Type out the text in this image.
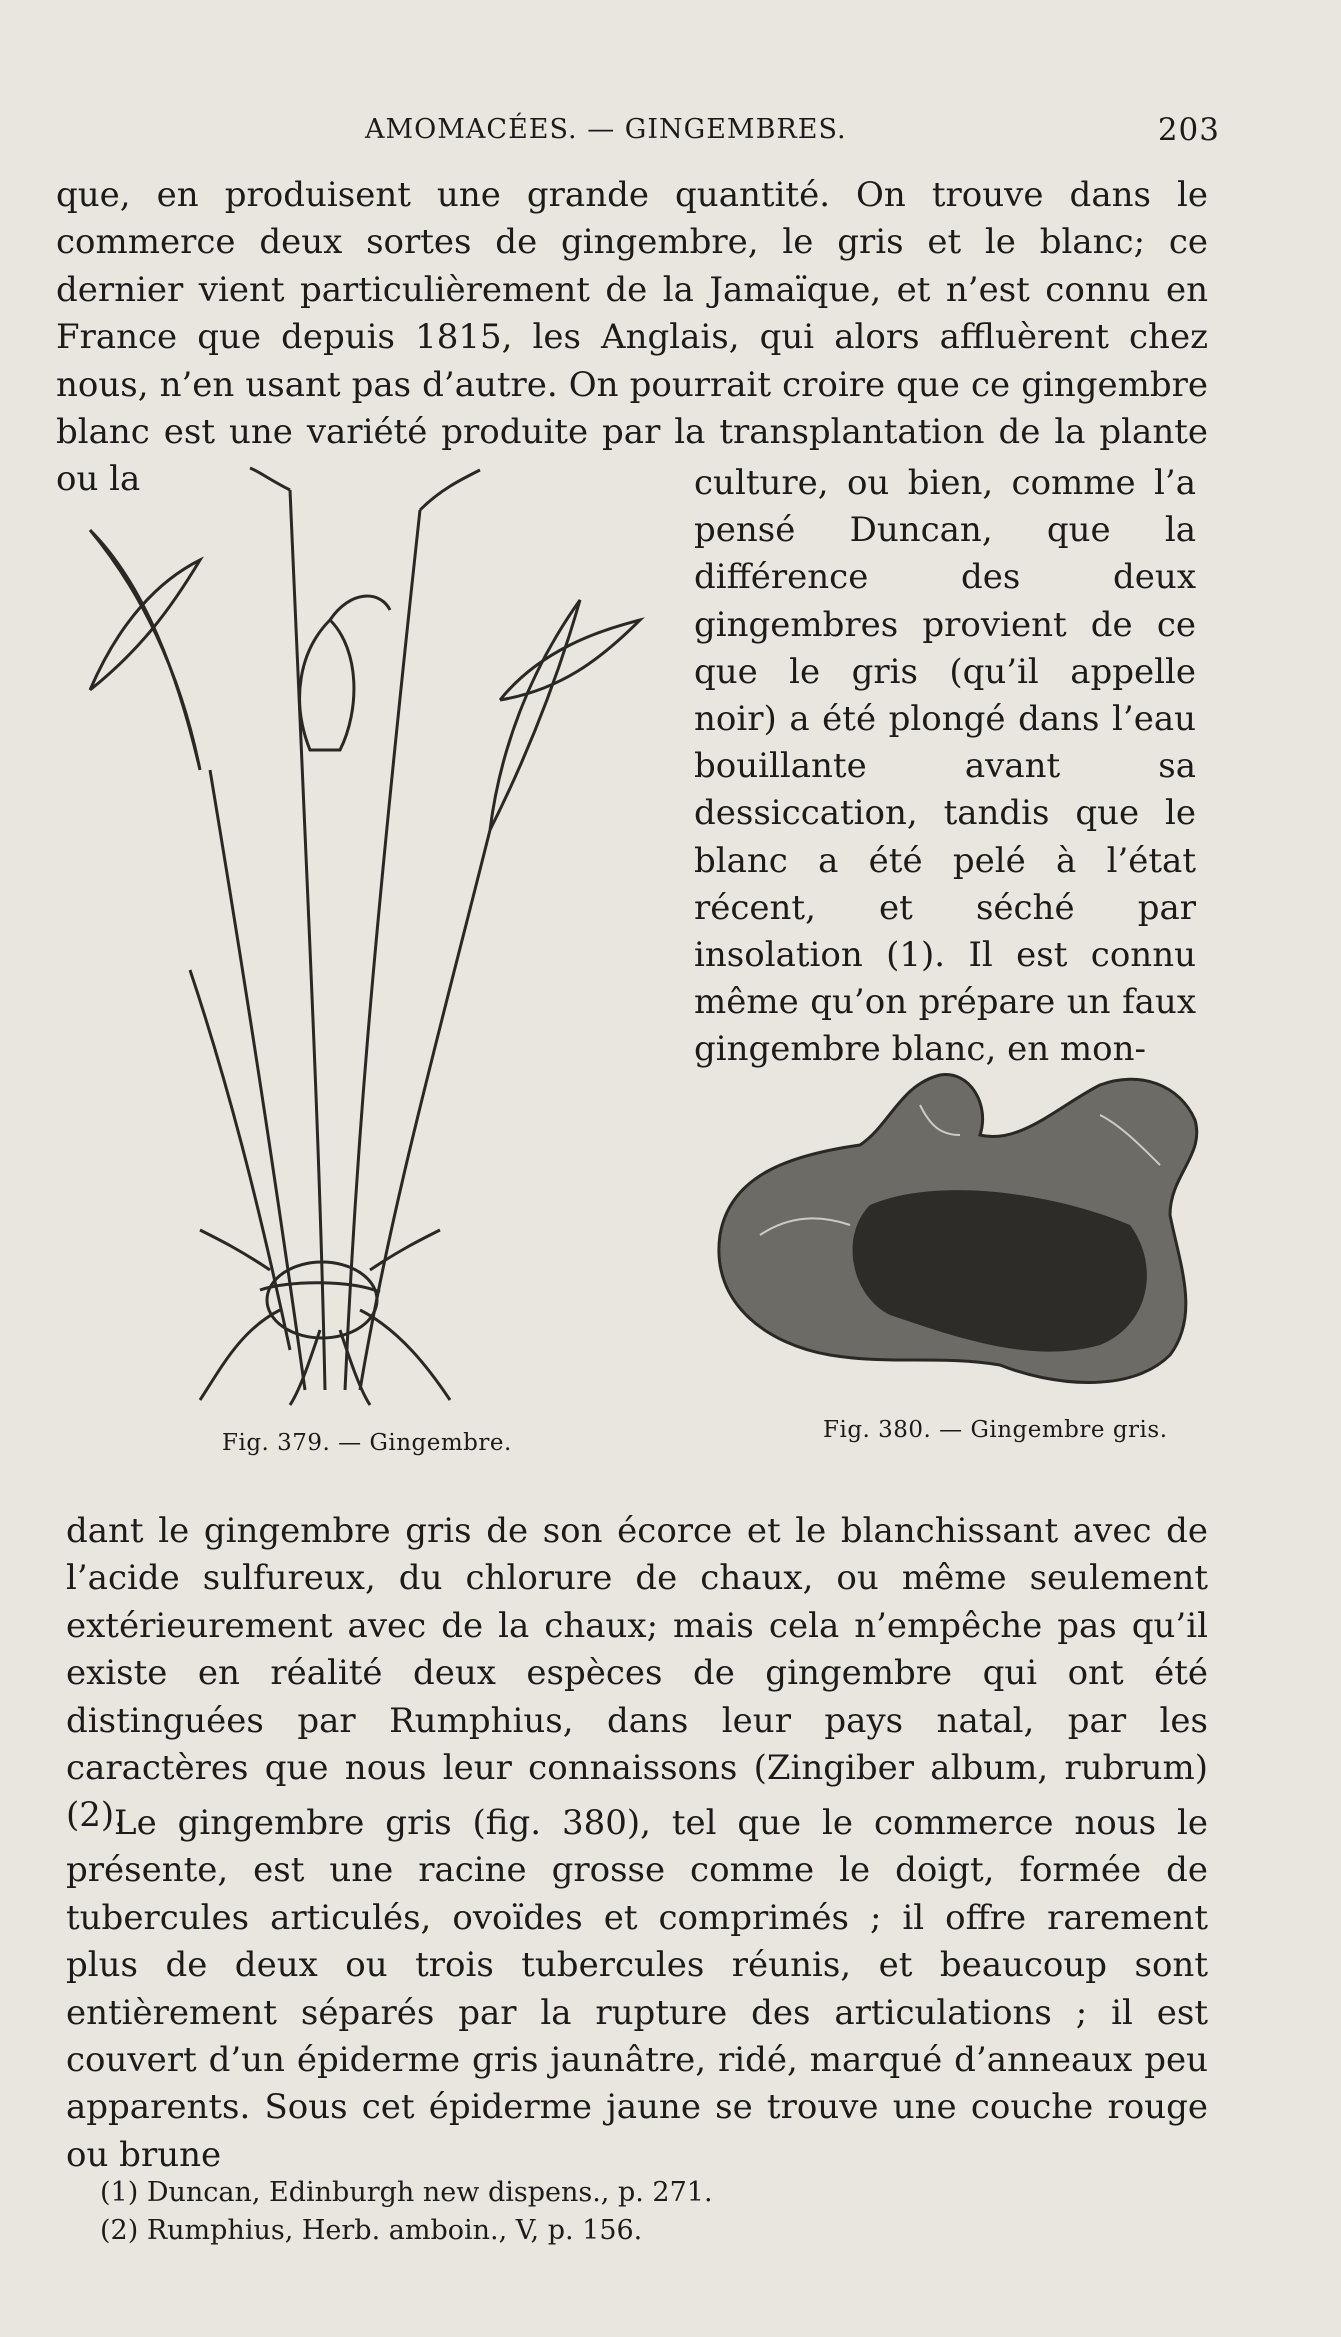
AMOMACÉES. — GINGEMBRES.	203

que, en produisent une grande quantité. On trouve dans le commerce deux sortes de gingembre, le gris et le blanc; ce dernier vient particulièrement de la Jamaïque, et n’est connu en France que depuis 1815, les Anglais, qui alors affluèrent chez nous, n’en usant pas d’autre. On pourrait croire que ce gingembre blanc est une variété produite par la transplantation de la plante ou la	culture, ou bien, comme l’a pensé Duncan, que la différence des deux gingembres provient de ce que le gris (qu’il appelle noir) a été plongé dans l’eau bouillante avant sa dessiccation, tandis que le blanc a été pelé à l’état récent, et séché par insolation (1). Il est connu même qu’on prépare un faux gingembre blanc, en mon-

Fig. 379. — Gingembre.	Fig. 380. — Gingembre gris.

dant le gingembre gris de son écorce et le blanchissant avec de l’acide sulfureux, du chlorure de chaux, ou même seulement extérieurement avec de la chaux; mais cela n’empêche pas qu’il existe en réalité deux espèces de gingembre qui ont été distinguées par Rumphius, dans leur pays natal, par les caractères que nous leur connaissons (Zingiber album, rubrum) (2).

Le gingembre gris (fig. 380), tel que le commerce nous le présente, est une racine grosse comme le doigt, formée de tubercules articulés, ovoïdes et comprimés ; il offre rarement plus de deux ou trois tubercules réunis, et beaucoup sont entièrement séparés par la rupture des articulations ; il est couvert d’un épiderme gris jaunâtre, ridé, marqué d’anneaux peu apparents. Sous cet épiderme jaune se trouve une couche rouge ou brune

(1) Duncan, Edinburgh new dispens., p. 271.

(2) Rumphius, Herb. amboin., V, p. 156.
